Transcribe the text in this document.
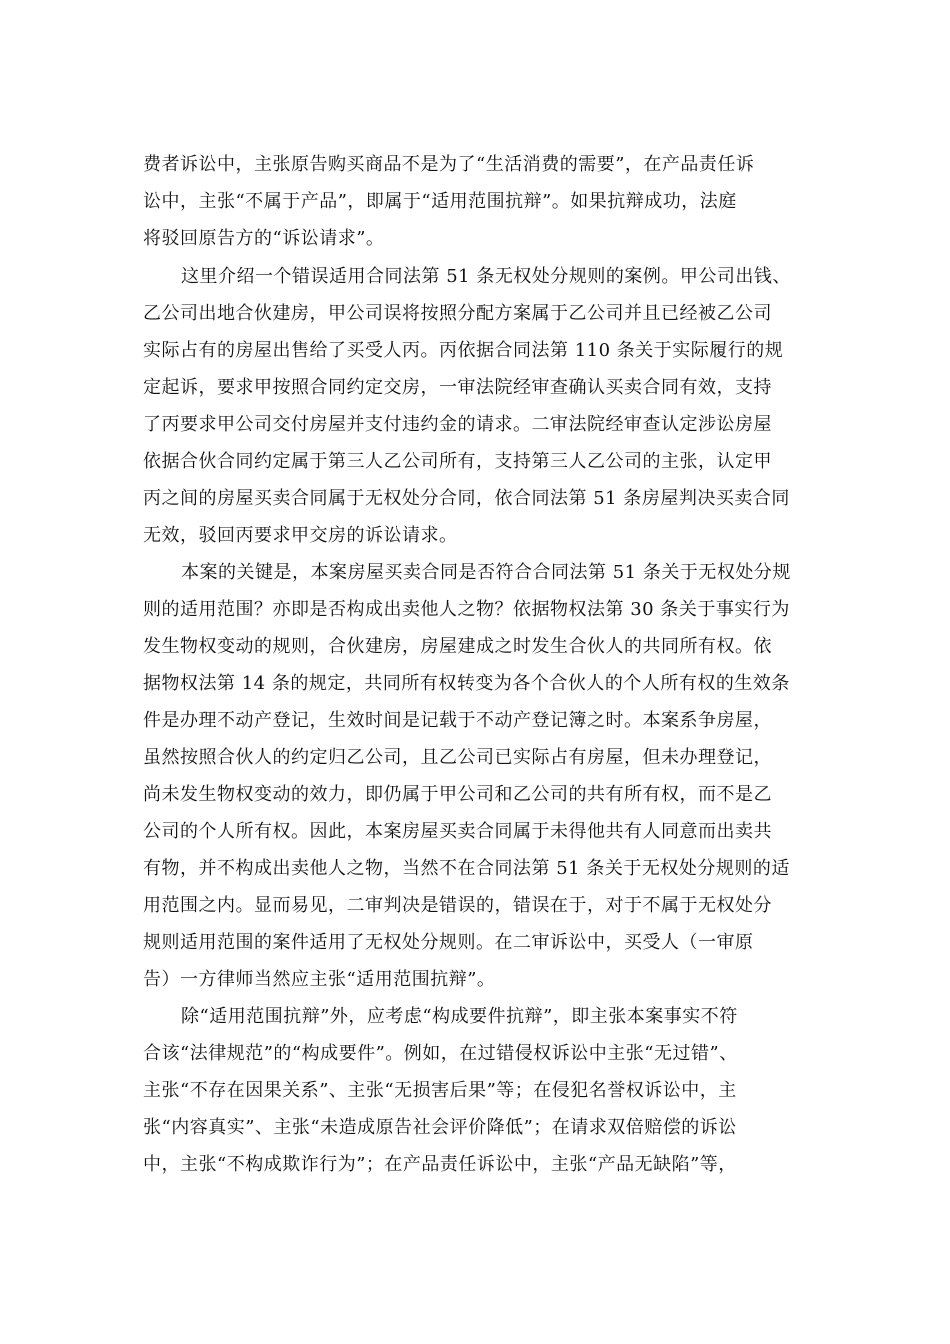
费者诉讼中，主张原告购买商品不是为了“生活消费的需要”，在产品责任诉
讼中，主张“不属于产品”，即属于“适用范围抗辩”。如果抗辩成功，法庭
将驳回原告方的“诉讼请求”。
这里介绍一个错误适用合同法第 51 条无权处分规则的案例。甲公司出钱、
乙公司出地合伙建房，甲公司误将按照分配方案属于乙公司并且已经被乙公司
实际占有的房屋出售给了买受人丙。丙依据合同法第 110 条关于实际履行的规
定起诉，要求甲按照合同约定交房，一审法院经审查确认买卖合同有效，支持
了丙要求甲公司交付房屋并支付违约金的请求。二审法院经审查认定涉讼房屋
依据合伙合同约定属于第三人乙公司所有，支持第三人乙公司的主张，认定甲
丙之间的房屋买卖合同属于无权处分合同，依合同法第 51 条房屋判决买卖合同
无效，驳回丙要求甲交房的诉讼请求。
本案的关键是，本案房屋买卖合同是否符合合同法第 51 条关于无权处分规
则的适用范围？亦即是否构成出卖他人之物？依据物权法第 30 条关于事实行为
发生物权变动的规则，合伙建房，房屋建成之时发生合伙人的共同所有权。依
据物权法第 14 条的规定，共同所有权转变为各个合伙人的个人所有权的生效条
件是办理不动产登记，生效时间是记载于不动产登记簿之时。本案系争房屋，
虽然按照合伙人的约定归乙公司，且乙公司已实际占有房屋，但未办理登记，
尚未发生物权变动的效力，即仍属于甲公司和乙公司的共有所有权，而不是乙
公司的个人所有权。因此，本案房屋买卖合同属于未得他共有人同意而出卖共
有物，并不构成出卖他人之物，当然不在合同法第 51 条关于无权处分规则的适
用范围之内。显而易见，二审判决是错误的，错误在于，对于不属于无权处分
规则适用范围的案件适用了无权处分规则。在二审诉讼中，买受人（一审原
告）一方律师当然应主张“适用范围抗辩”。
除“适用范围抗辩”外，应考虑“构成要件抗辩”，即主张本案事实不符
合该“法律规范”的“构成要件”。例如，在过错侵权诉讼中主张“无过错”、
主张“不存在因果关系”、主张“无损害后果”等；在侵犯名誉权诉讼中，主
张“内容真实”、主张“未造成原告社会评价降低”；在请求双倍赔偿的诉讼
中，主张“不构成欺诈行为”；在产品责任诉讼中，主张“产品无缺陷”等，
